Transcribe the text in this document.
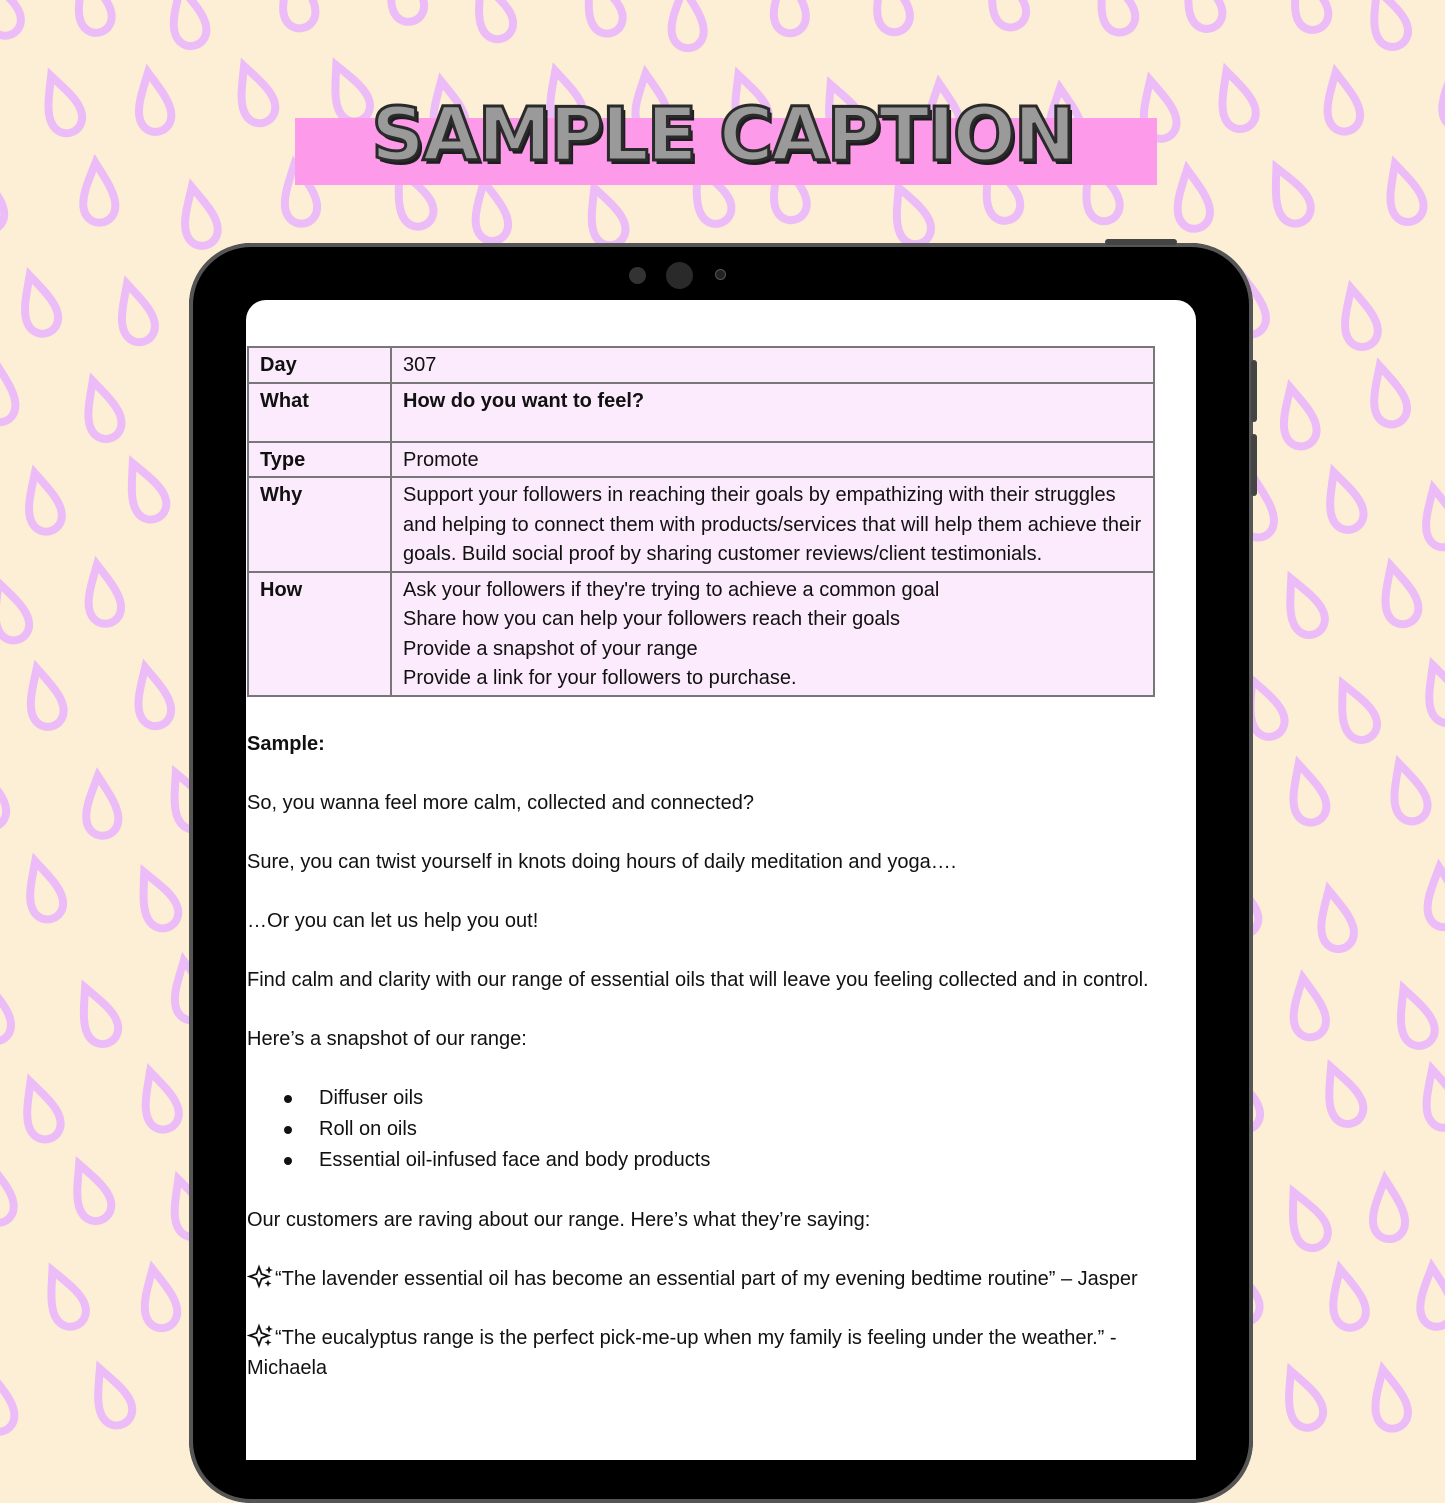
SAMPLE CAPTION
Day	307
What	How do you want to feel?
Type	Promote
Why	Support your followers in reaching their goals by empathizing with their struggles and helping to connect them with products/services that will help them achieve their goals. Build social proof by sharing customer reviews/client testimonials.
How	Ask your followers if they're trying to achieve a common goal
Share how you can help your followers reach their goals
Provide a snapshot of your range
Provide a link for your followers to purchase.

Sample:

So, you wanna feel more calm, collected and connected?

Sure, you can twist yourself in knots doing hours of daily meditation and yoga….

…Or you can let us help you out!

Find calm and clarity with our range of essential oils that will leave you feeling collected and in control.

Here’s a snapshot of our range:

Diffuser oils
Roll on oils
Essential oil-infused face and body products

Our customers are raving about our range. Here’s what they’re saying:

“The lavender essential oil has become an essential part of my evening bedtime routine” – Jasper

“The eucalyptus range is the perfect pick-me-up when my family is feeling under the weather.” - Michaela
